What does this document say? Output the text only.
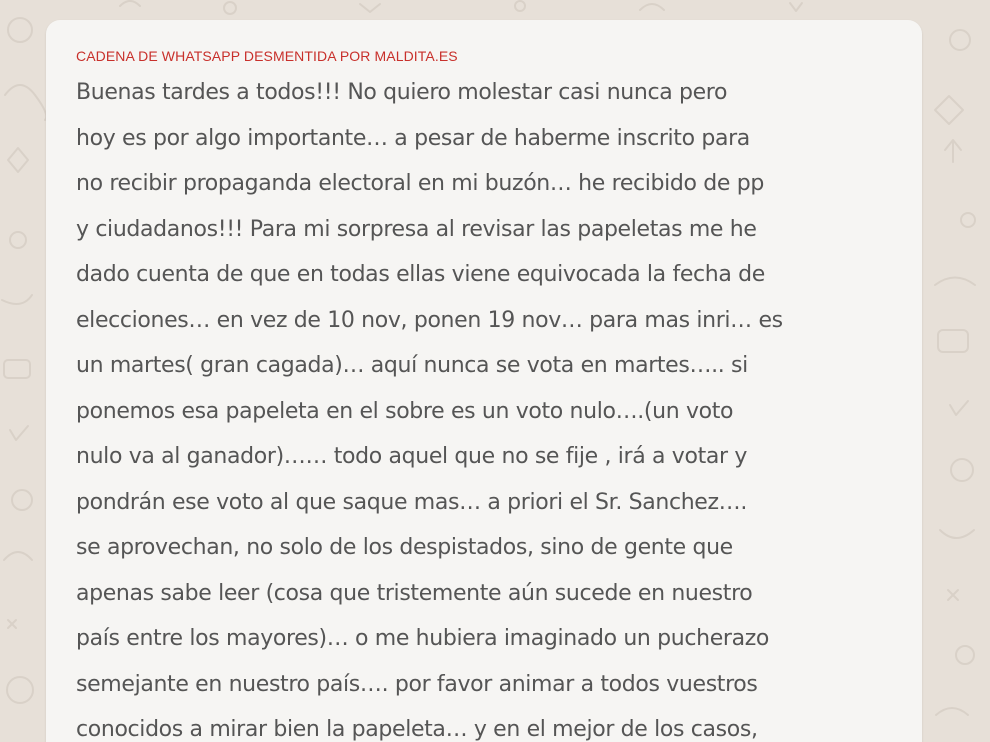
CADENA DE WHATSAPP DESMENTIDA POR MALDITA.ES

Buenas tardes a todos!!! No quiero molestar casi nunca pero
hoy es por algo importante… a pesar de haberme inscrito para
no recibir propaganda electoral en mi buzón… he recibido de pp
y ciudadanos!!! Para mi sorpresa al revisar las papeletas me he
dado cuenta de que en todas ellas viene equivocada la fecha de
elecciones… en vez de 10 nov, ponen 19 nov… para mas inri… es
un martes( gran cagada)… aquí nunca se vota en martes….. si
ponemos esa papeleta en el sobre es un voto nulo….(un voto
nulo va al ganador)…… todo aquel que no se fije , irá a votar y
pondrán ese voto al que saque mas… a priori el Sr. Sanchez….
se aprovechan, no solo de los despistados, sino de gente que
apenas sabe leer (cosa que tristemente aún sucede en nuestro
país entre los mayores)… o me hubiera imaginado un pucherazo
semejante en nuestro país…. por favor animar a todos vuestros
conocidos a mirar bien la papeleta… y en el mejor de los casos,
